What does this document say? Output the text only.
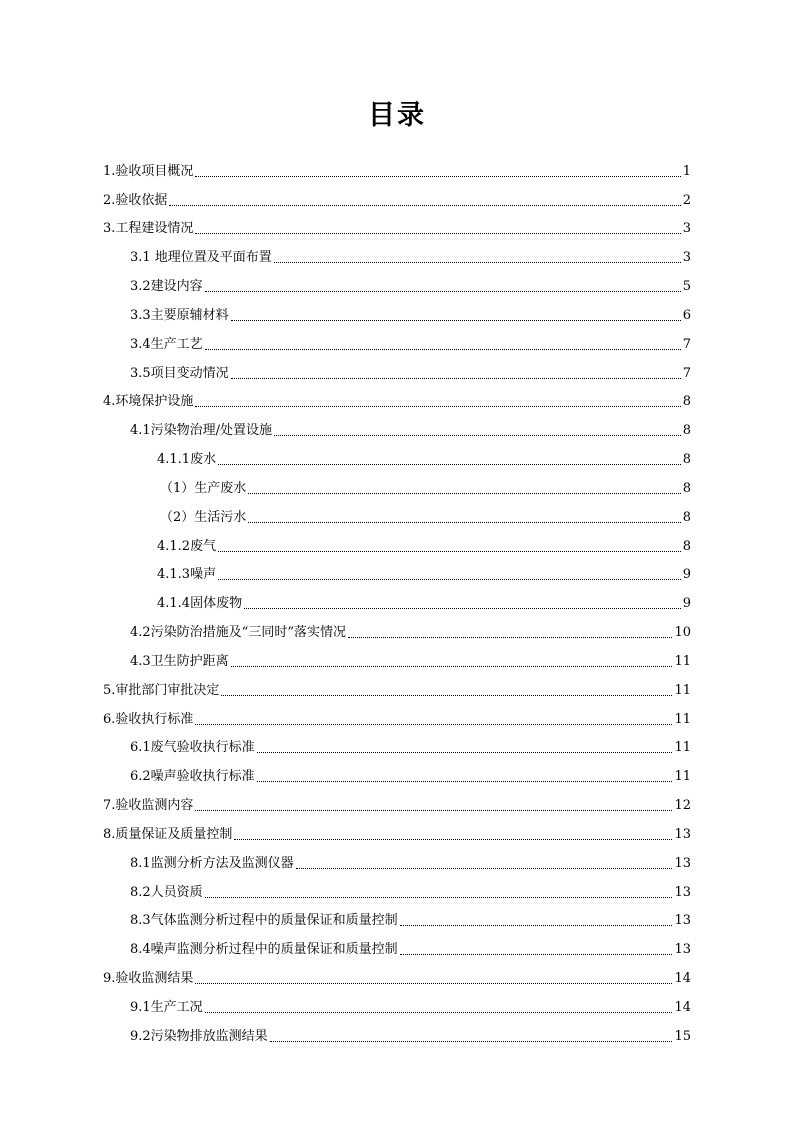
目录
1.验收项目概况	1
2.验收依据	2
3.工程建设情况	3
3.1 地理位置及平面布置	3
3.2建设内容	5
3.3主要原辅材料	6
3.4生产工艺	7
3.5项目变动情况	7
4.环境保护设施	8
4.1污染物治理/处置设施	8
4.1.1废水	8
（1）生产废水	8
（2）生活污水	8
4.1.2废气	8
4.1.3噪声	9
4.1.4固体废物	9
4.2污染防治措施及“三同时”落实情况	10
4.3卫生防护距离	11
5.审批部门审批决定	11
6.验收执行标准	11
6.1废气验收执行标准	11
6.2噪声验收执行标准	11
7.验收监测内容	12
8.质量保证及质量控制	13
8.1监测分析方法及监测仪器	13
8.2人员资质	13
8.3气体监测分析过程中的质量保证和质量控制	13
8.4噪声监测分析过程中的质量保证和质量控制	13
9.验收监测结果	14
9.1生产工况	14
9.2污染物排放监测结果	15
